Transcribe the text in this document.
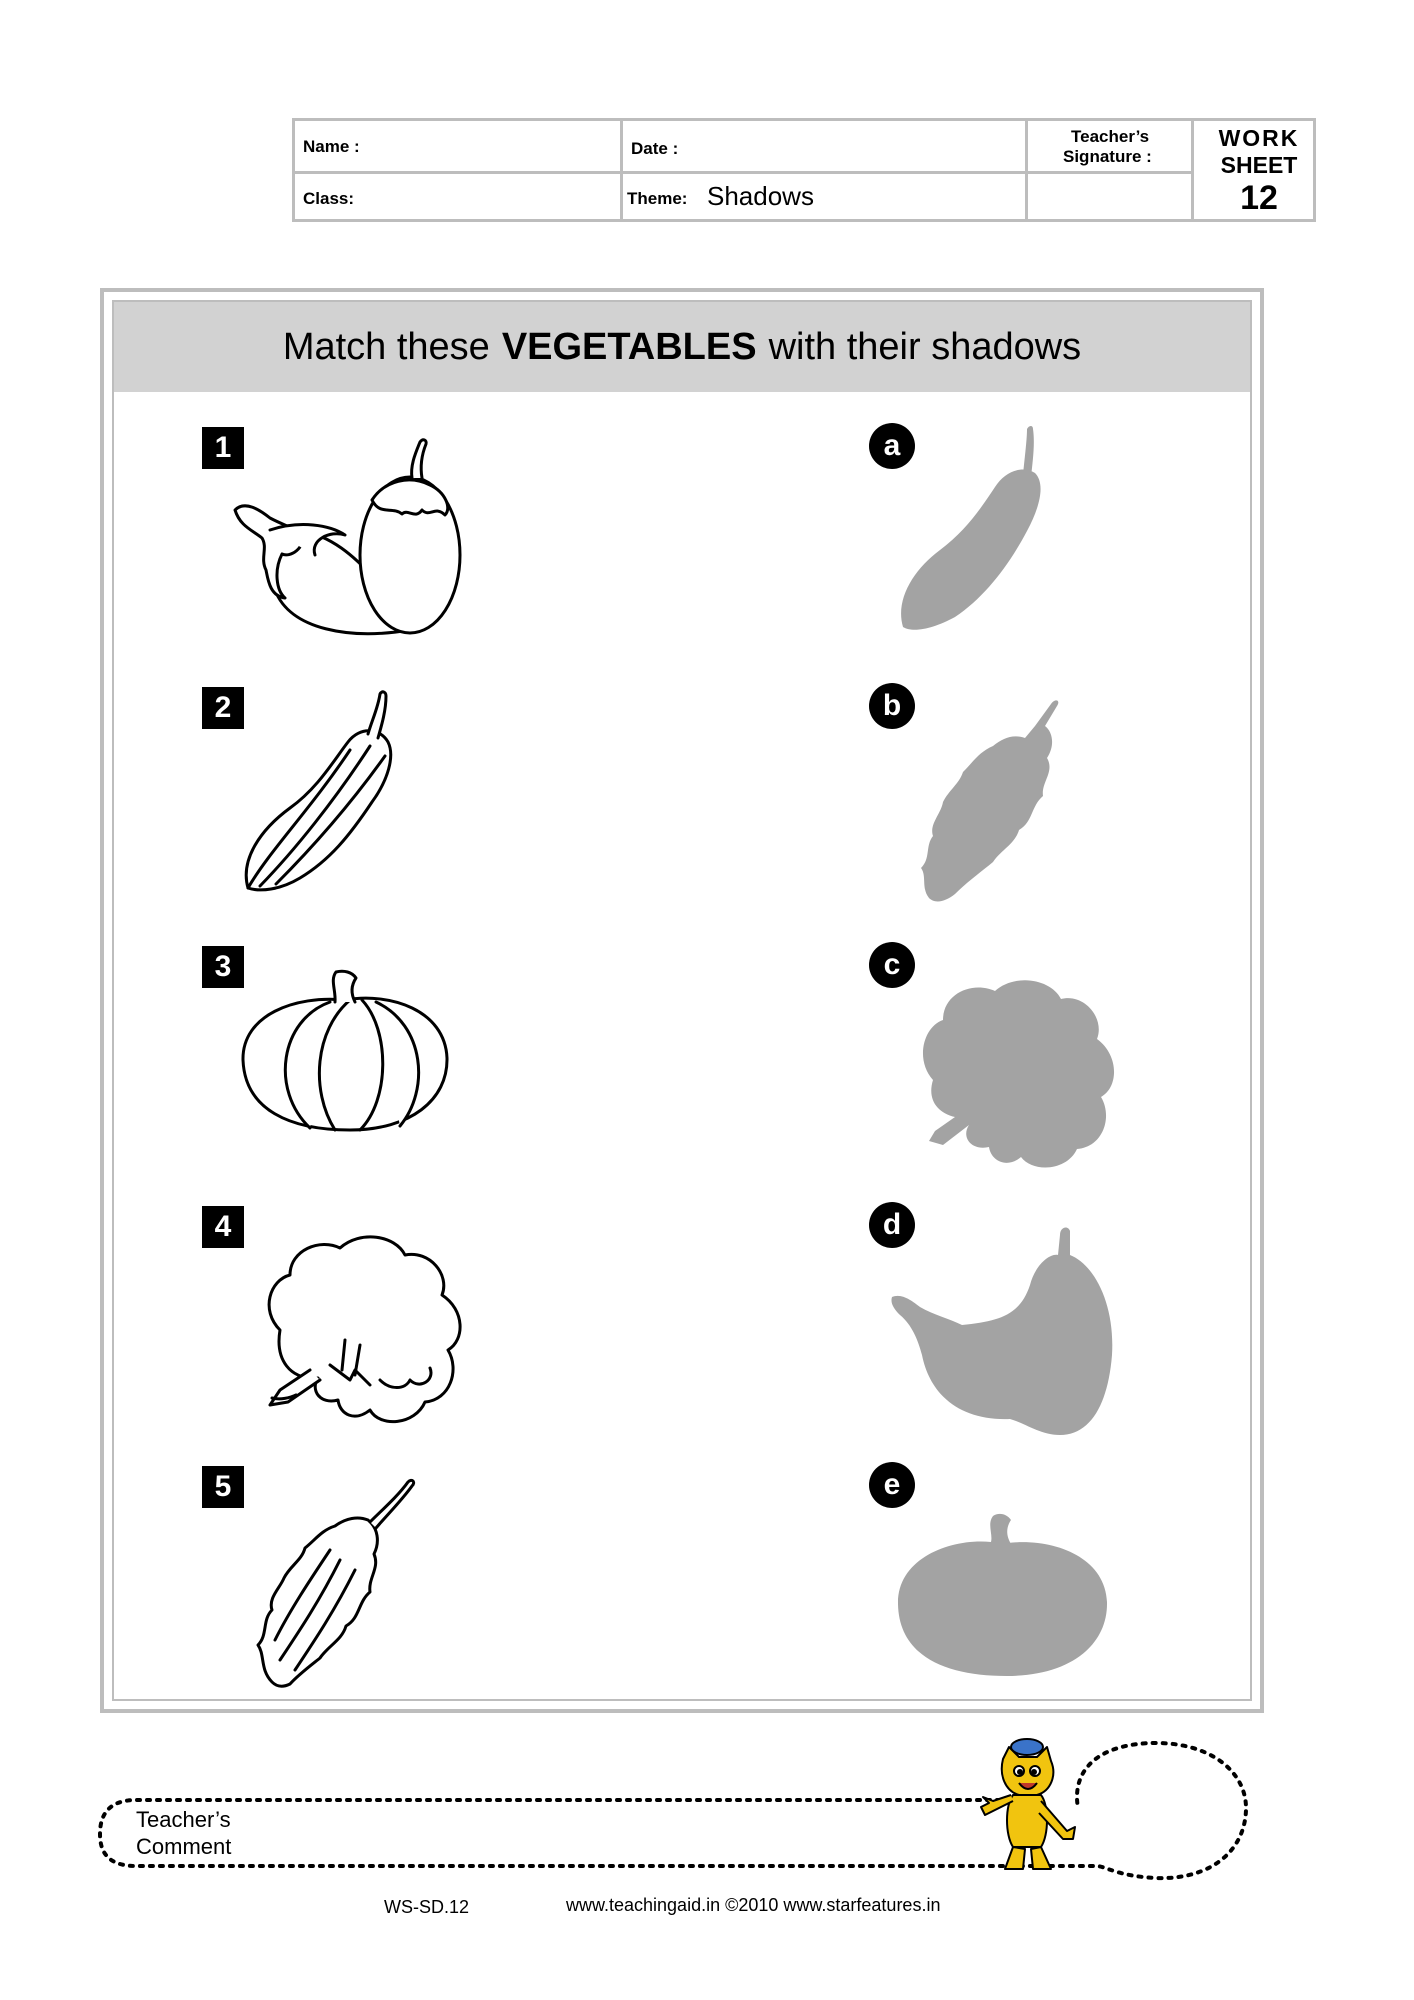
Name :	Date :
Teacher’s
Signature :
Class:	Theme: Shadows
WORK
SHEET
12
Match these VEGETABLES with their shadows
1
2
3
4
5
a
b
c
d
e
Teacher’s
Comment
WS-SD.12	www.teachingaid.in ©2010 www.starfeatures.in
